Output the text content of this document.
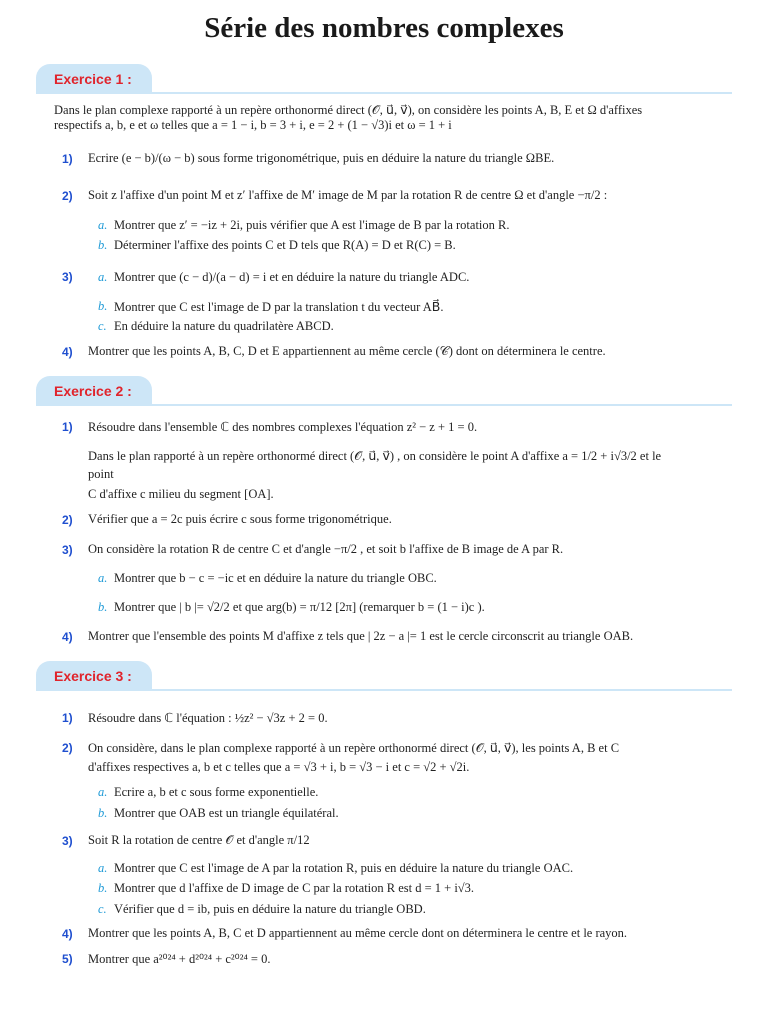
Série des nombres complexes
Exercice 1 :
Dans le plan complexe rapporté à un repère orthonormé direct (𝒪, u⃗, v⃗), on considère les points A, B, E et Ω d'affixes
respectifs a, b, e et ω telles que a = 1 − i, b = 3 + i, e = 2 + (1 − √3)i et ω = 1 + i
1) Ecrire (e − b)/(ω − b) sous forme trigonométrique, puis en déduire la nature du triangle ΩBE.
2) Soit z l'affixe d'un point M et z′ l'affixe de M′ image de M par la rotation R de centre Ω et d'angle −π/2 :
a. Montrer que z′ = −iz + 2i, puis vérifier que A est l'image de B par la rotation R.
b. Déterminer l'affixe des points C et D tels que R(A) = D et R(C) = B.
3) a. Montrer que (c − d)/(a − d) = i et en déduire la nature du triangle ADC.
b. Montrer que C est l'image de D par la translation t du vecteur AB⃗.
c. En déduire la nature du quadrilatère ABCD.
4) Montrer que les points A, B, C, D et E appartiennent au même cercle (𝒞) dont on déterminera le centre.
Exercice 2 :
1) Résoudre dans l'ensemble ℂ des nombres complexes l'équation z² − z + 1 = 0.
Dans le plan rapporté à un repère orthonormé direct (𝒪, u⃗, v⃗) , on considère le point A d'affixe a = 1/2 + i√3/2 et le
point
C d'affixe c milieu du segment [OA].
2) Vérifier que a = 2c puis écrire c sous forme trigonométrique.
3) On considère la rotation R de centre C et d'angle −π/2 , et soit b l'affixe de B image de A par R.
a. Montrer que b − c = −ic et en déduire la nature du triangle OBC.
b. Montrer que | b |= √2/2 et que arg(b) = π/12 [2π] (remarquer b = (1 − i)c ).
4) Montrer que l'ensemble des points M d'affixe z tels que | 2z − a |= 1 est le cercle circonscrit au triangle OAB.
Exercice 3 :
1) Résoudre dans ℂ l'équation : ½z² − √3z + 2 = 0.
2) On considère, dans le plan complexe rapporté à un repère orthonormé direct (𝒪, u⃗, v⃗), les points A, B et C
d'affixes respectives a, b et c telles que a = √3 + i, b = √3 − i et c = √2 + √2i.
a. Ecrire a, b et c sous forme exponentielle.
b. Montrer que OAB est un triangle équilatéral.
3) Soit R la rotation de centre 𝒪 et d'angle π/12
a. Montrer que C est l'image de A par la rotation R, puis en déduire la nature du triangle OAC.
b. Montrer que d l'affixe de D image de C par la rotation R est d = 1 + i√3.
c. Vérifier que d = ib, puis en déduire la nature du triangle OBD.
4) Montrer que les points A, B, C et D appartiennent au même cercle dont on déterminera le centre et le rayon.
5) Montrer que a²⁰²⁴ + d²⁰²⁴ + c²⁰²⁴ = 0.
